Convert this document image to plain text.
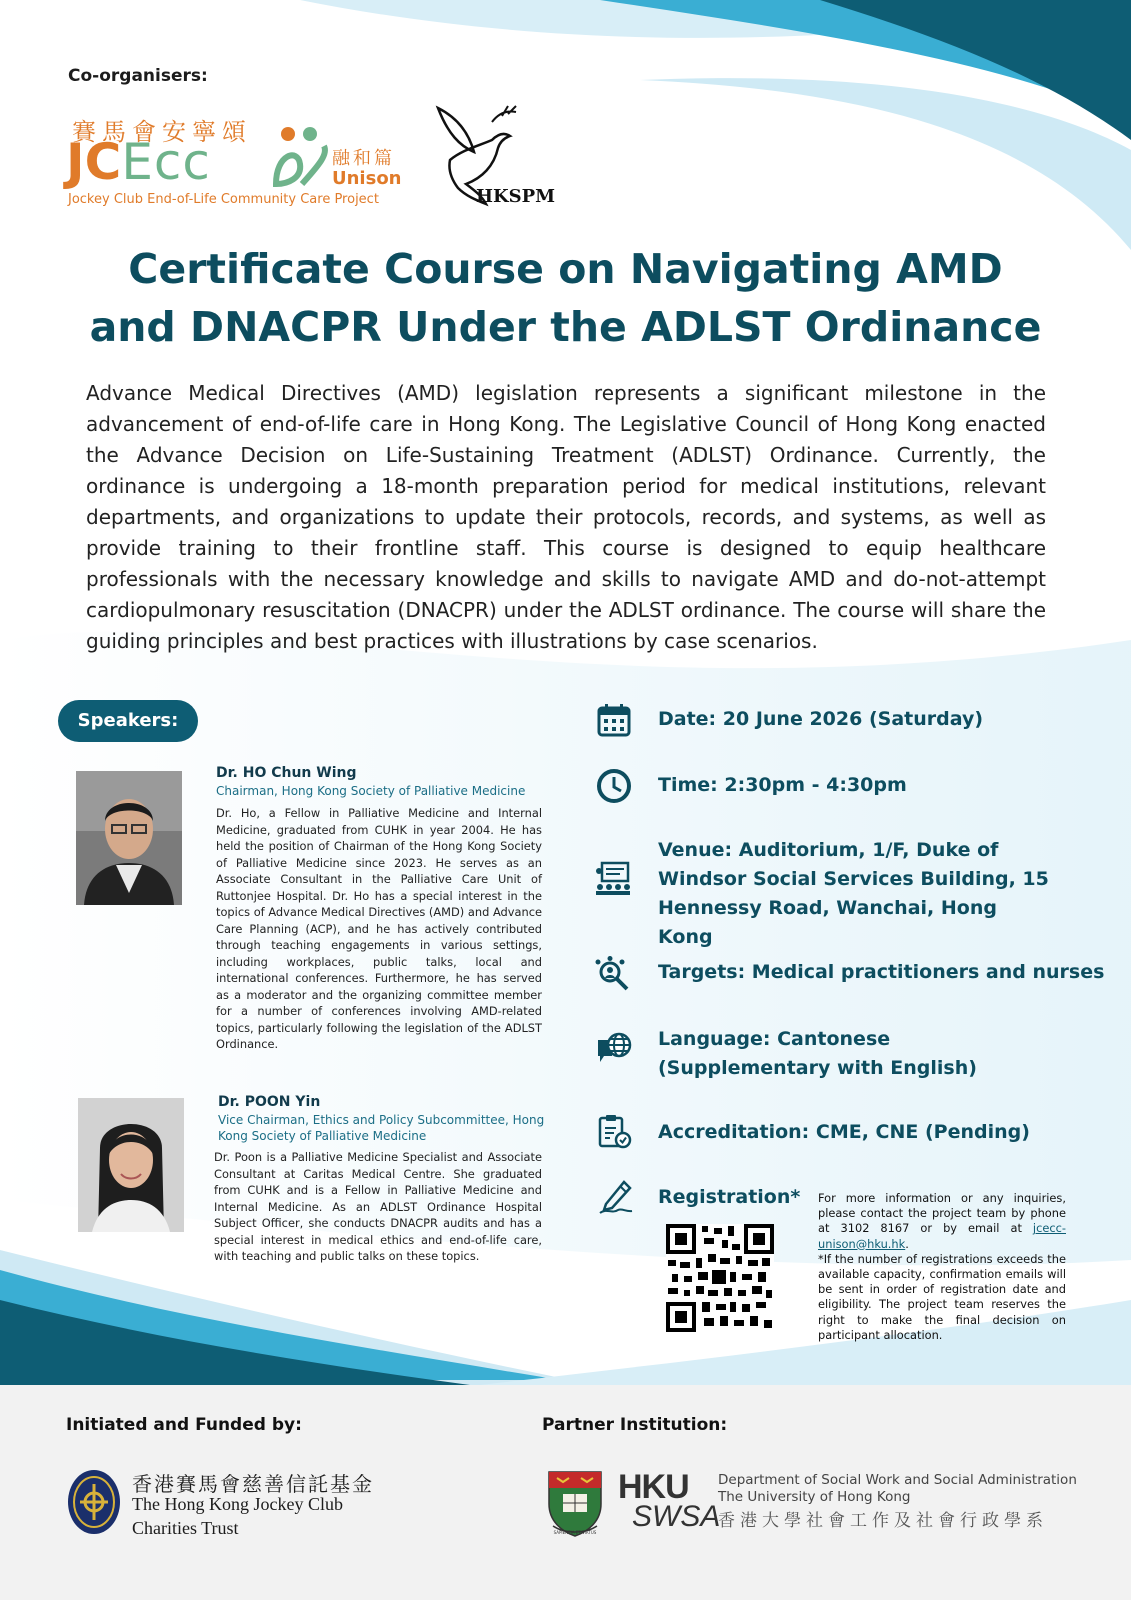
Co-organisers:
賽馬會安寧頌
JCEcc	融和篇
Unison
Jockey Club End-of-Life Community Care Project	HKSPM
Certificate Course on Navigating AMD
and DNACPR Under the ADLST Ordinance

Advance Medical Directives (AMD) legislation represents a significant milestone in the advancement of end-of-life care in Hong Kong. The Legislative Council of Hong Kong enacted the Advance Decision on Life-Sustaining Treatment (ADLST) Ordinance. Currently, the ordinance is undergoing a 18-month preparation period for medical institutions, relevant departments, and organizations to update their protocols, records, and systems, as well as provide training to their frontline staff. This course is designed to equip healthcare professionals with the necessary knowledge and skills to navigate AMD and do-not-attempt cardiopulmonary resuscitation (DNACPR) under the ADLST ordinance. The course will share the guiding principles and best practices with illustrations by case scenarios.

Speakers:
Dr. HO Chun Wing
Chairman, Hong Kong Society of Palliative Medicine

Dr. Ho, a Fellow in Palliative Medicine and Internal Medicine, graduated from CUHK in year 2004. He has held the position of Chairman of the Hong Kong Society of Palliative Medicine since 2023. He serves as an Associate Consultant in the Palliative Care Unit of Ruttonjee Hospital. Dr. Ho has a special interest in the topics of Advance Medical Directives (AMD) and Advance Care Planning (ACP), and he has actively contributed through teaching engagements in various settings, including workplaces, public talks, local and international conferences. Furthermore, he has served as a moderator and the organizing committee member for a number of conferences involving AMD-related topics, particularly following the legislation of the ADLST Ordinance.

Dr. POON Yin
Vice Chairman, Ethics and Policy Subcommittee, Hong Kong Society of Palliative Medicine

Dr. Poon is a Palliative Medicine Specialist and Associate Consultant at Caritas Medical Centre. She graduated from CUHK and is a Fellow in Palliative Medicine and Internal Medicine. As an ADLST Ordinance Hospital Subject Officer, she conducts DNACPR audits and has a special interest in medical ethics and end-of-life care, with teaching and public talks on these topics.

Date: 20 June 2026 (Saturday)
Time: 2:30pm - 4:30pm
Venue: Auditorium, 1/F, Duke of Windsor Social Services Building, 15 Hennessy Road, Wanchai, Hong Kong
Targets: Medical practitioners and nurses
Language: Cantonese (Supplementary with English)
Accreditation: CME, CNE (Pending)
Registration* For more information or any inquiries, please contact the project team by phone at 3102 8167 or by email at jcecc-unison@hku.hk.
*If the number of registrations exceeds the available capacity, confirmation emails will be sent in order of registration date and eligibility. The project team reserves the right to make the final decision on participant allocation.

Initiated and Funded by:	Partner Institution:
香港賽馬會慈善信託基金
The Hong Kong Jockey Club
Charities Trust	SAPIENTIA ET VIRTUS
HKU
SWSA
Department of Social Work and Social Administration
The University of Hong Kong
香港大學社會工作及社會行政學系
